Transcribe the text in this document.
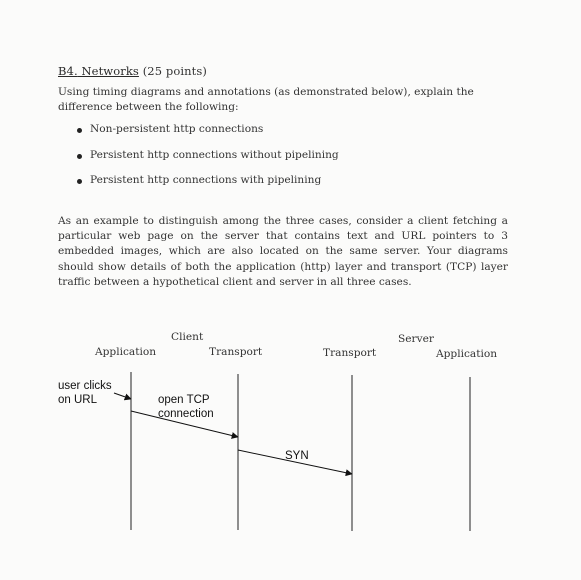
B4. Networks (25 points)
Using timing diagrams and annotations (as demonstrated below), explain the difference between the following:
Non-persistent http connections
Persistent http connections without pipelining
Persistent http connections with pipelining
As an example to distinguish among the three cases, consider a client fetching a particular web page on the server that contains text and URL pointers to 3 embedded images, which are also located on the same server. Your diagrams should show details of both the application (http) layer and transport (TCP) layer traffic between a hypothetical client and server in all three cases.
Client	Server
Application	Transport	Transport	Application
user clicks
on URL	open TCP
connection
SYN
